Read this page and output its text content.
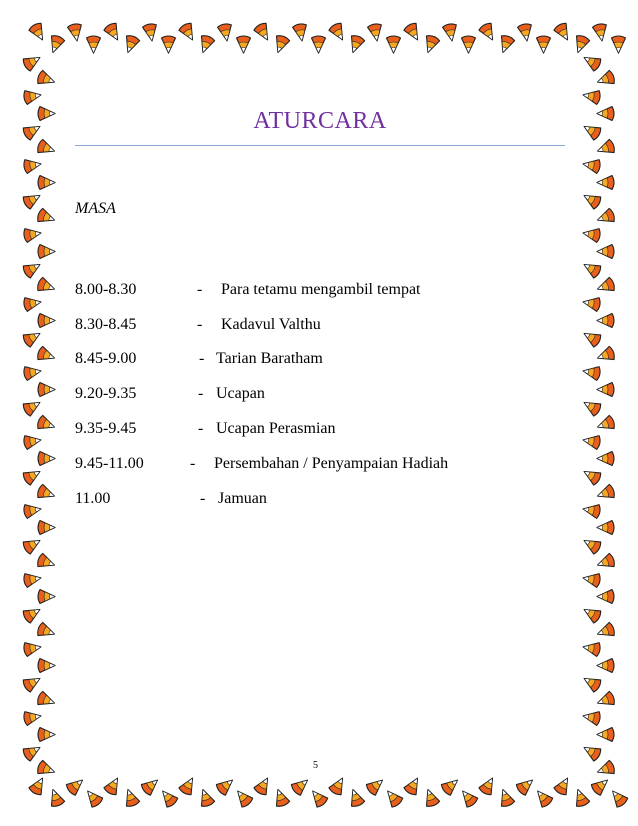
ATURCARA
MASA
8.00-8.30	- Para tetamu mengambil tempat
8.30-8.45	- Kadavul Valthu
8.45-9.00	- Tarian Baratham
9.20-9.35	- Ucapan
9.35-9.45	- Ucapan Perasmian
9.45-11.00	- Persembahan / Penyampaian Hadiah
11.00	- Jamuan
5
